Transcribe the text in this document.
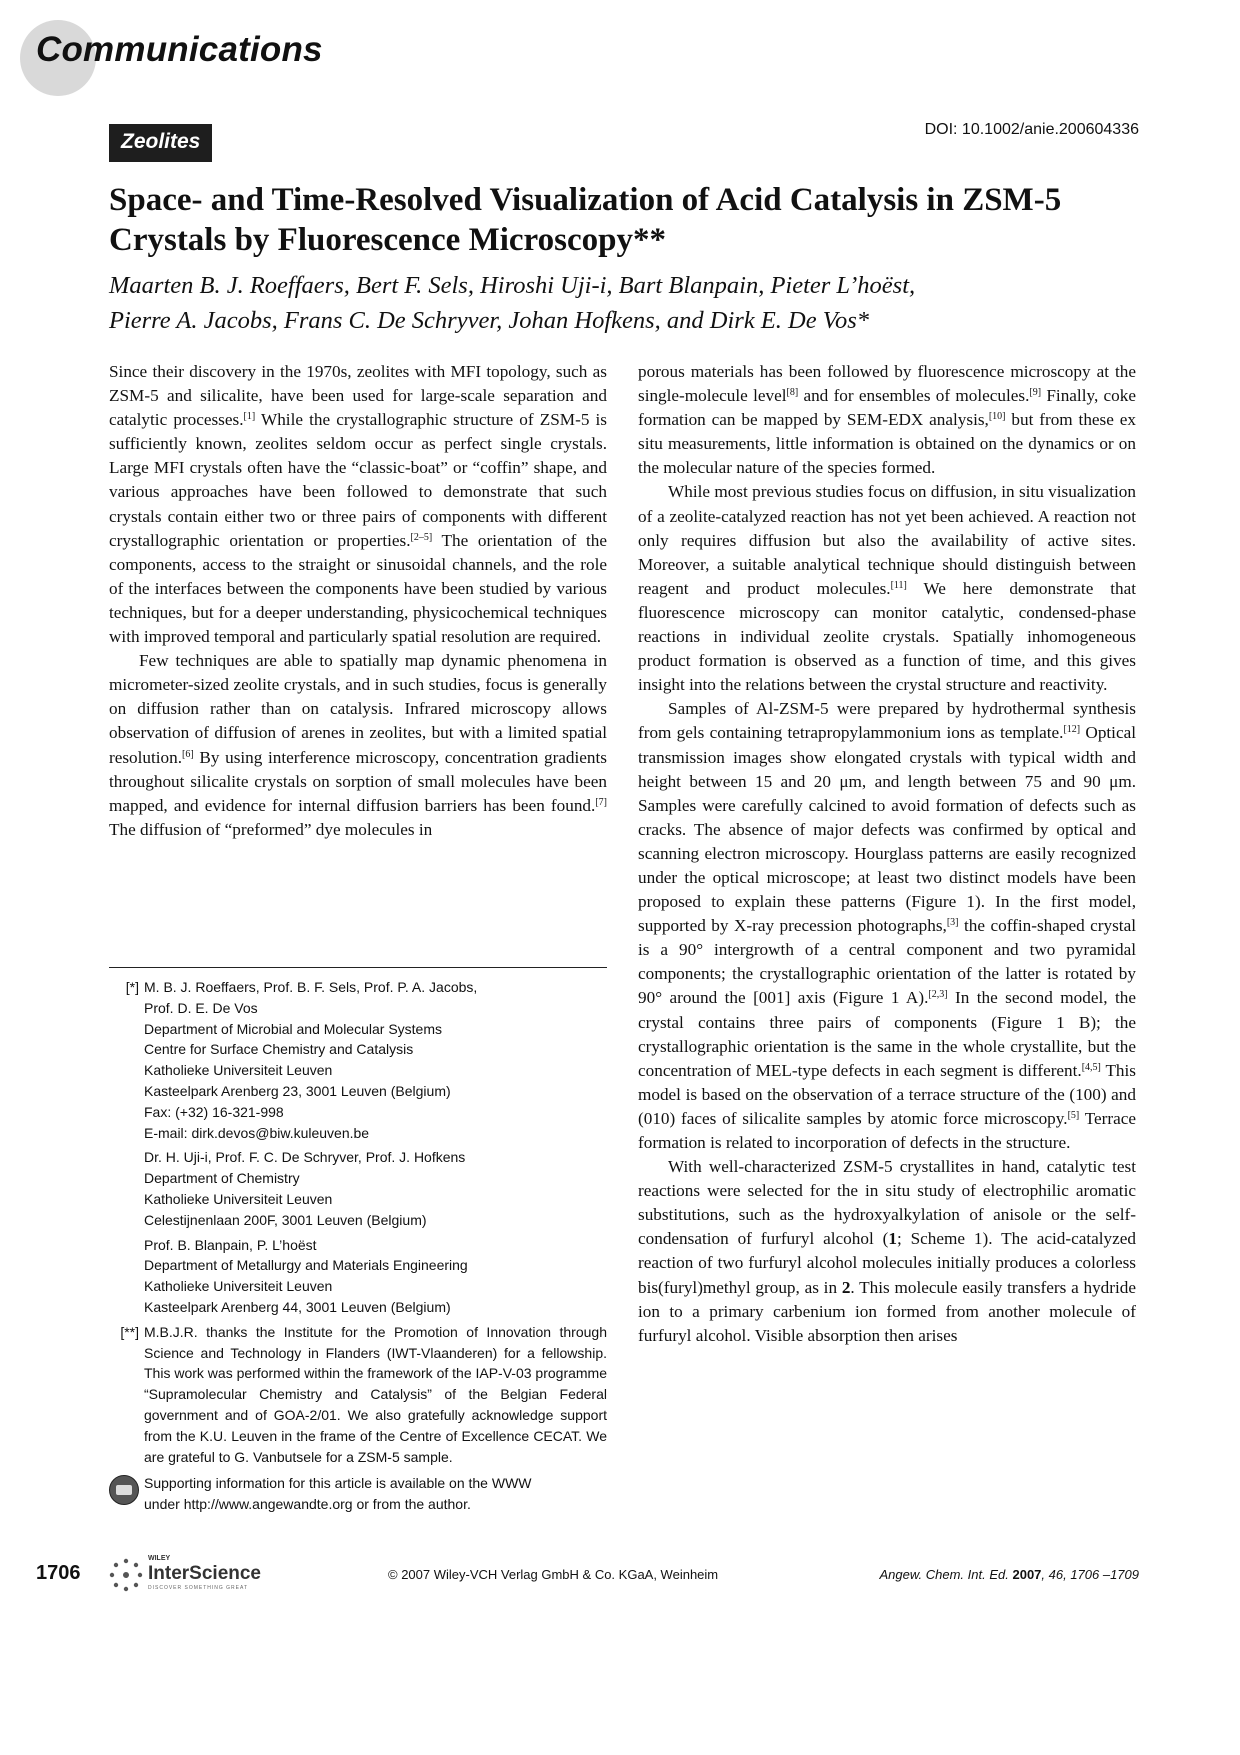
Communications
Zeolites
DOI: 10.1002/anie.200604336
Space- and Time-Resolved Visualization of Acid Catalysis in ZSM-5
Crystals by Fluorescence Microscopy**
Maarten B. J. Roeffaers, Bert F. Sels, Hiroshi Uji-i, Bart Blanpain, Pieter L’hoëst,
Pierre A. Jacobs, Frans C. De Schryver, Johan Hofkens, and Dirk E. De Vos*

Since their discovery in the 1970s, zeolites with MFI topology, such as ZSM-5 and silicalite, have been used for large-scale separation and catalytic processes.[1] While the crystallographic structure of ZSM-5 is sufficiently known, zeolites seldom occur as perfect single crystals. Large MFI crystals often have the “classic-boat” or “coffin” shape, and various approaches have been followed to demonstrate that such crystals contain either two or three pairs of components with different crystallographic orientation or properties.[2–5] The orientation of the components, access to the straight or sinusoidal channels, and the role of the interfaces between the components have been studied by various techniques, but for a deeper understanding, physicochemical techniques with improved temporal and particularly spatial resolution are required.

Few techniques are able to spatially map dynamic phenomena in micrometer-sized zeolite crystals, and in such studies, focus is generally on diffusion rather than on catalysis. Infrared microscopy allows observation of diffusion of arenes in zeolites, but with a limited spatial resolution.[6] By using interference microscopy, concentration gradients throughout silicalite crystals on sorption of small molecules have been mapped, and evidence for internal diffusion barriers has been found.[7] The diffusion of “preformed” dye molecules in

[*] M. B. J. Roeffaers, Prof. B. F. Sels, Prof. P. A. Jacobs,
Prof. D. E. De Vos
Department of Microbial and Molecular Systems
Centre for Surface Chemistry and Catalysis
Katholieke Universiteit Leuven
Kasteelpark Arenberg 23, 3001 Leuven (Belgium)
Fax: (+32) 16-321-998
E-mail: dirk.devos@biw.kuleuven.be
Dr. H. Uji-i, Prof. F. C. De Schryver, Prof. J. Hofkens
Department of Chemistry
Katholieke Universiteit Leuven
Celestijnenlaan 200F, 3001 Leuven (Belgium)
Prof. B. Blanpain, P. L’hoëst
Department of Metallurgy and Materials Engineering
Katholieke Universiteit Leuven
Kasteelpark Arenberg 44, 3001 Leuven (Belgium)
[**] M.B.J.R. thanks the Institute for the Promotion of Innovation through Science and Technology in Flanders (IWT-Vlaanderen) for a fellowship. This work was performed within the framework of the IAP-V-03 programme “Supramolecular Chemistry and Catalysis” of the Belgian Federal government and of GOA-2/01. We also gratefully acknowledge support from the K.U. Leuven in the frame of the Centre of Excellence CECAT. We are grateful to G. Vanbutsele for a ZSM-5 sample.
Supporting information for this article is available on the WWW
under http://www.angewandte.org or from the author.

porous materials has been followed by fluorescence microscopy at the single-molecule level[8] and for ensembles of molecules.[9] Finally, coke formation can be mapped by SEM-EDX analysis,[10] but from these ex situ measurements, little information is obtained on the dynamics or on the molecular nature of the species formed.

While most previous studies focus on diffusion, in situ visualization of a zeolite-catalyzed reaction has not yet been achieved. A reaction not only requires diffusion but also the availability of active sites. Moreover, a suitable analytical technique should distinguish between reagent and product molecules.[11] We here demonstrate that fluorescence microscopy can monitor catalytic, condensed-phase reactions in individual zeolite crystals. Spatially inhomogeneous product formation is observed as a function of time, and this gives insight into the relations between the crystal structure and reactivity.

Samples of Al-ZSM-5 were prepared by hydrothermal synthesis from gels containing tetrapropylammonium ions as template.[12] Optical transmission images show elongated crystals with typical width and height between 15 and 20 μm, and length between 75 and 90 μm. Samples were carefully calcined to avoid formation of defects such as cracks. The absence of major defects was confirmed by optical and scanning electron microscopy. Hourglass patterns are easily recognized under the optical microscope; at least two distinct models have been proposed to explain these patterns (Figure 1). In the first model, supported by X-ray precession photographs,[3] the coffin-shaped crystal is a 90° intergrowth of a central component and two pyramidal components; the crystallographic orientation of the latter is rotated by 90° around the [001] axis (Figure 1 A).[2,3] In the second model, the crystal contains three pairs of components (Figure 1 B); the crystallographic orientation is the same in the whole crystallite, but the concentration of MEL-type defects in each segment is different.[4,5] This model is based on the observation of a terrace structure of the (100) and (010) faces of silicalite samples by atomic force microscopy.[5] Terrace formation is related to incorporation of defects in the structure.

With well-characterized ZSM-5 crystallites in hand, catalytic test reactions were selected for the in situ study of electrophilic aromatic substitutions, such as the hydroxyalkylation of anisole or the self-condensation of furfuryl alcohol (1; Scheme 1). The acid-catalyzed reaction of two furfuryl alcohol molecules initially produces a colorless bis(furyl)methyl group, as in 2. This molecule easily transfers a hydride ion to a primary carbenium ion formed from another molecule of furfuryl alcohol. Visible absorption then arises

1706
WILEY
InterScience
DISCOVER SOMETHING GREAT
© 2007 Wiley-VCH Verlag GmbH & Co. KGaA, Weinheim	Angew. Chem. Int. Ed. 2007, 46, 1706 –1709
